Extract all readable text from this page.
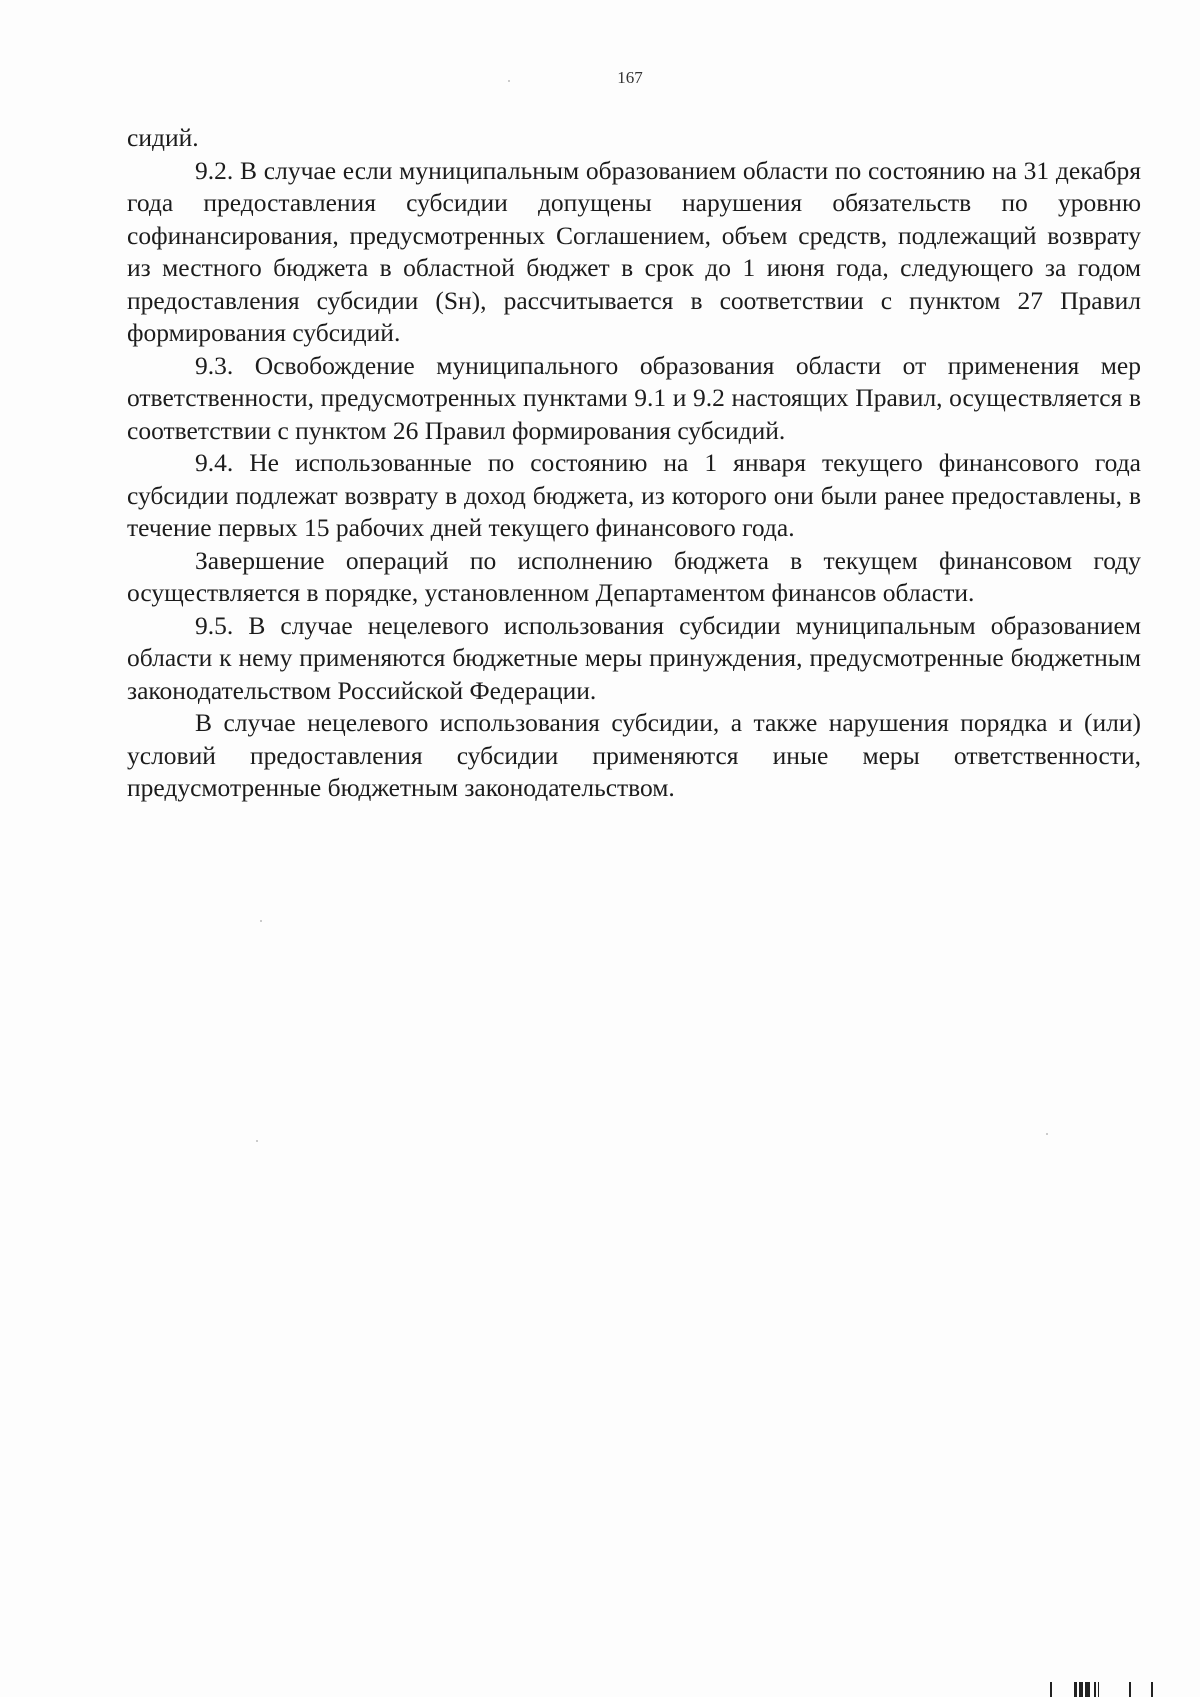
167

сидий.

9.2. В случае если муниципальным образованием области по состоянию на 31 декабря года предоставления субсидии допущены нарушения обязательств по уровню софинансирования, предусмотренных Соглашением, объем средств, подлежащий возврату из местного бюджета в областной бюджет в срок до 1 июня года, следующего за годом предоставления субсидии (Sн), рассчитывается в соответствии с пунктом 27 Правил формирования субсидий.

9.3. Освобождение муниципального образования области от применения мер ответственности, предусмотренных пунктами 9.1 и 9.2 настоящих Правил, осуществляется в соответствии с пунктом 26 Правил формирования субсидий.

9.4. Не использованные по состоянию на 1 января текущего финансового года субсидии подлежат возврату в доход бюджета, из которого они были ранее предоставлены, в течение первых 15 рабочих дней текущего финансового года.

Завершение операций по исполнению бюджета в текущем финансовом году осуществляется в порядке, установленном Департаментом финансов области.

9.5. В случае нецелевого использования субсидии муниципальным образованием области к нему применяются бюджетные меры принуждения, предусмотренные бюджетным законодательством Российской Федерации.

В случае нецелевого использования субсидии, а также нарушения порядка и (или) условий предоставления субсидии применяются иные меры ответственности, предусмотренные бюджетным законодательством.
